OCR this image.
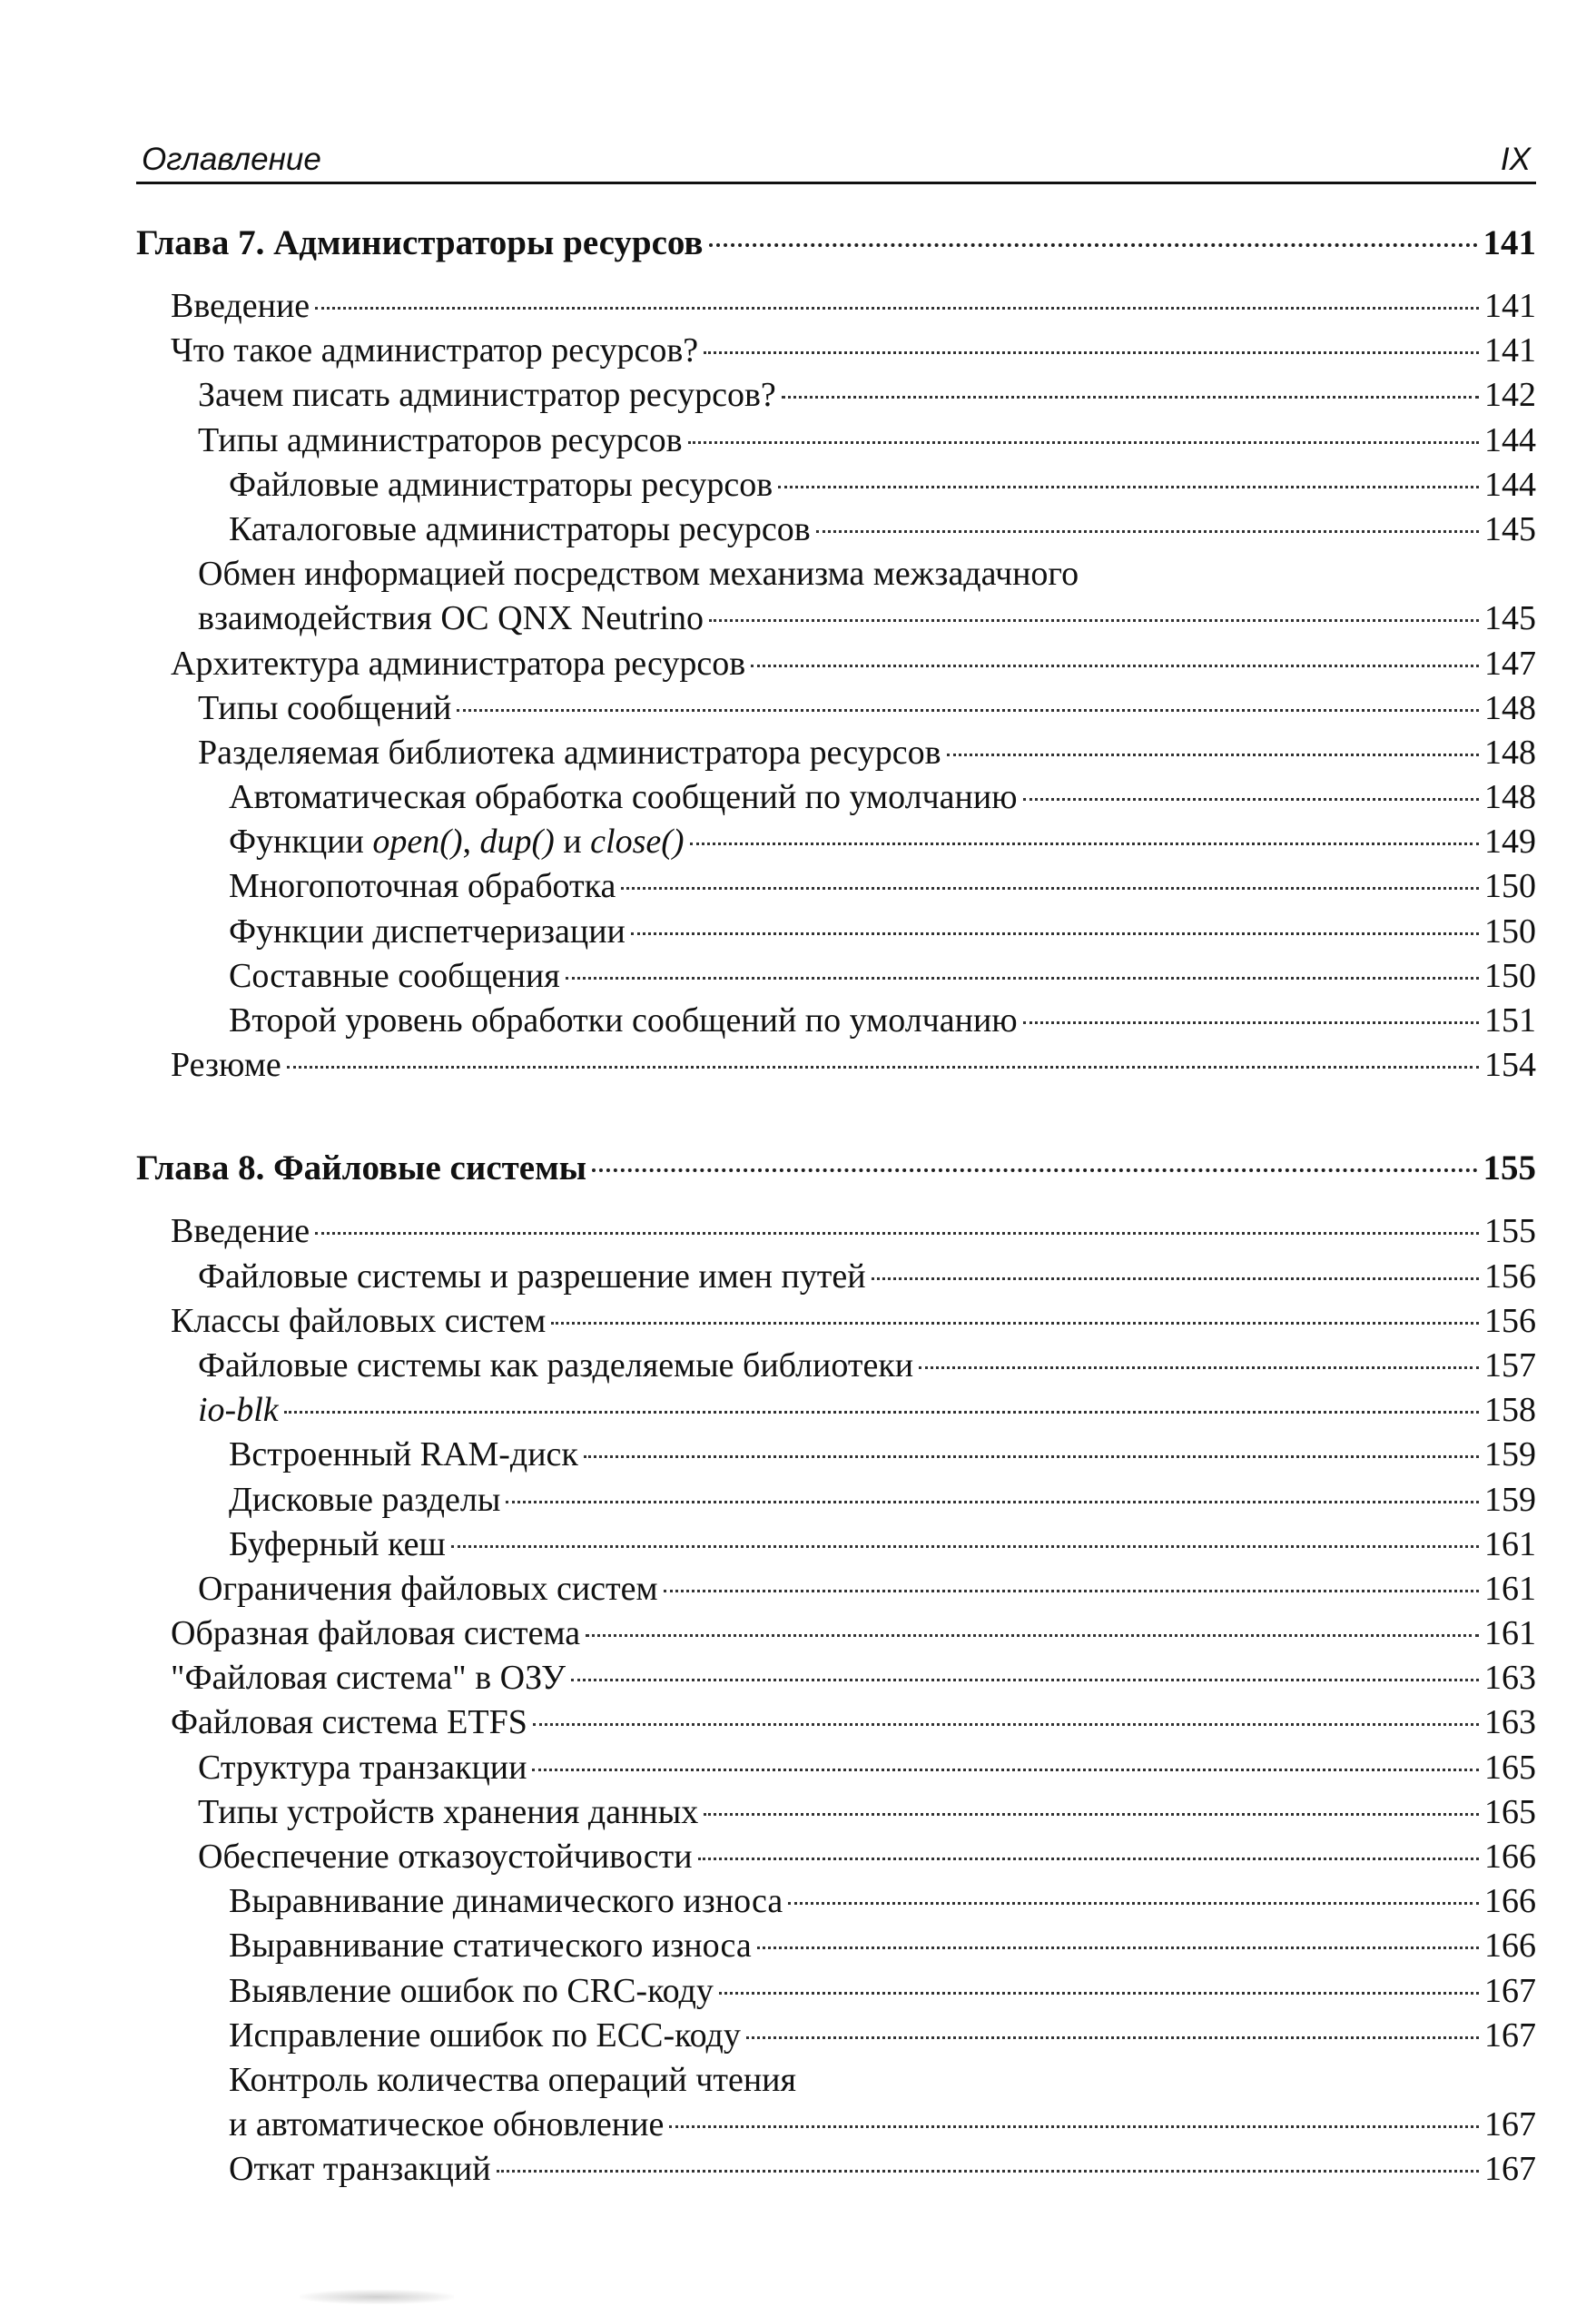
Оглавление	IX
Глава 7. Администраторы ресурсов	141
Введение	141
Что такое администратор ресурсов?	141
Зачем писать администратор ресурсов?	142
Типы администраторов ресурсов	144
Файловые администраторы ресурсов	144
Каталоговые администраторы ресурсов	145
Обмен информацией посредством механизма межзадачного
взаимодействия ОС QNX Neutrino	145
Архитектура администратора ресурсов	147
Типы сообщений	148
Разделяемая библиотека администратора ресурсов	148
Автоматическая обработка сообщений по умолчанию	148
Функции open(), dup() и close()	149
Многопоточная обработка	150
Функции диспетчеризации	150
Составные сообщения	150
Второй уровень обработки сообщений по умолчанию	151
Резюме	154
Глава 8. Файловые системы	155
Введение	155
Файловые системы и разрешение имен путей	156
Классы файловых систем	156
Файловые системы как разделяемые библиотеки	157
io-blk	158
Встроенный RAM-диск	159
Дисковые разделы	159
Буферный кеш	161
Ограничения файловых систем	161
Образная файловая система	161
"Файловая система" в ОЗУ	163
Файловая система ETFS	163
Структура транзакции	165
Типы устройств хранения данных	165
Обеспечение отказоустойчивости	166
Выравнивание динамического износа	166
Выравнивание статического износа	166
Выявление ошибок по CRC-коду	167
Исправление ошибок по ECC-коду	167
Контроль количества операций чтения
и автоматическое обновление	167
Откат транзакций	167
